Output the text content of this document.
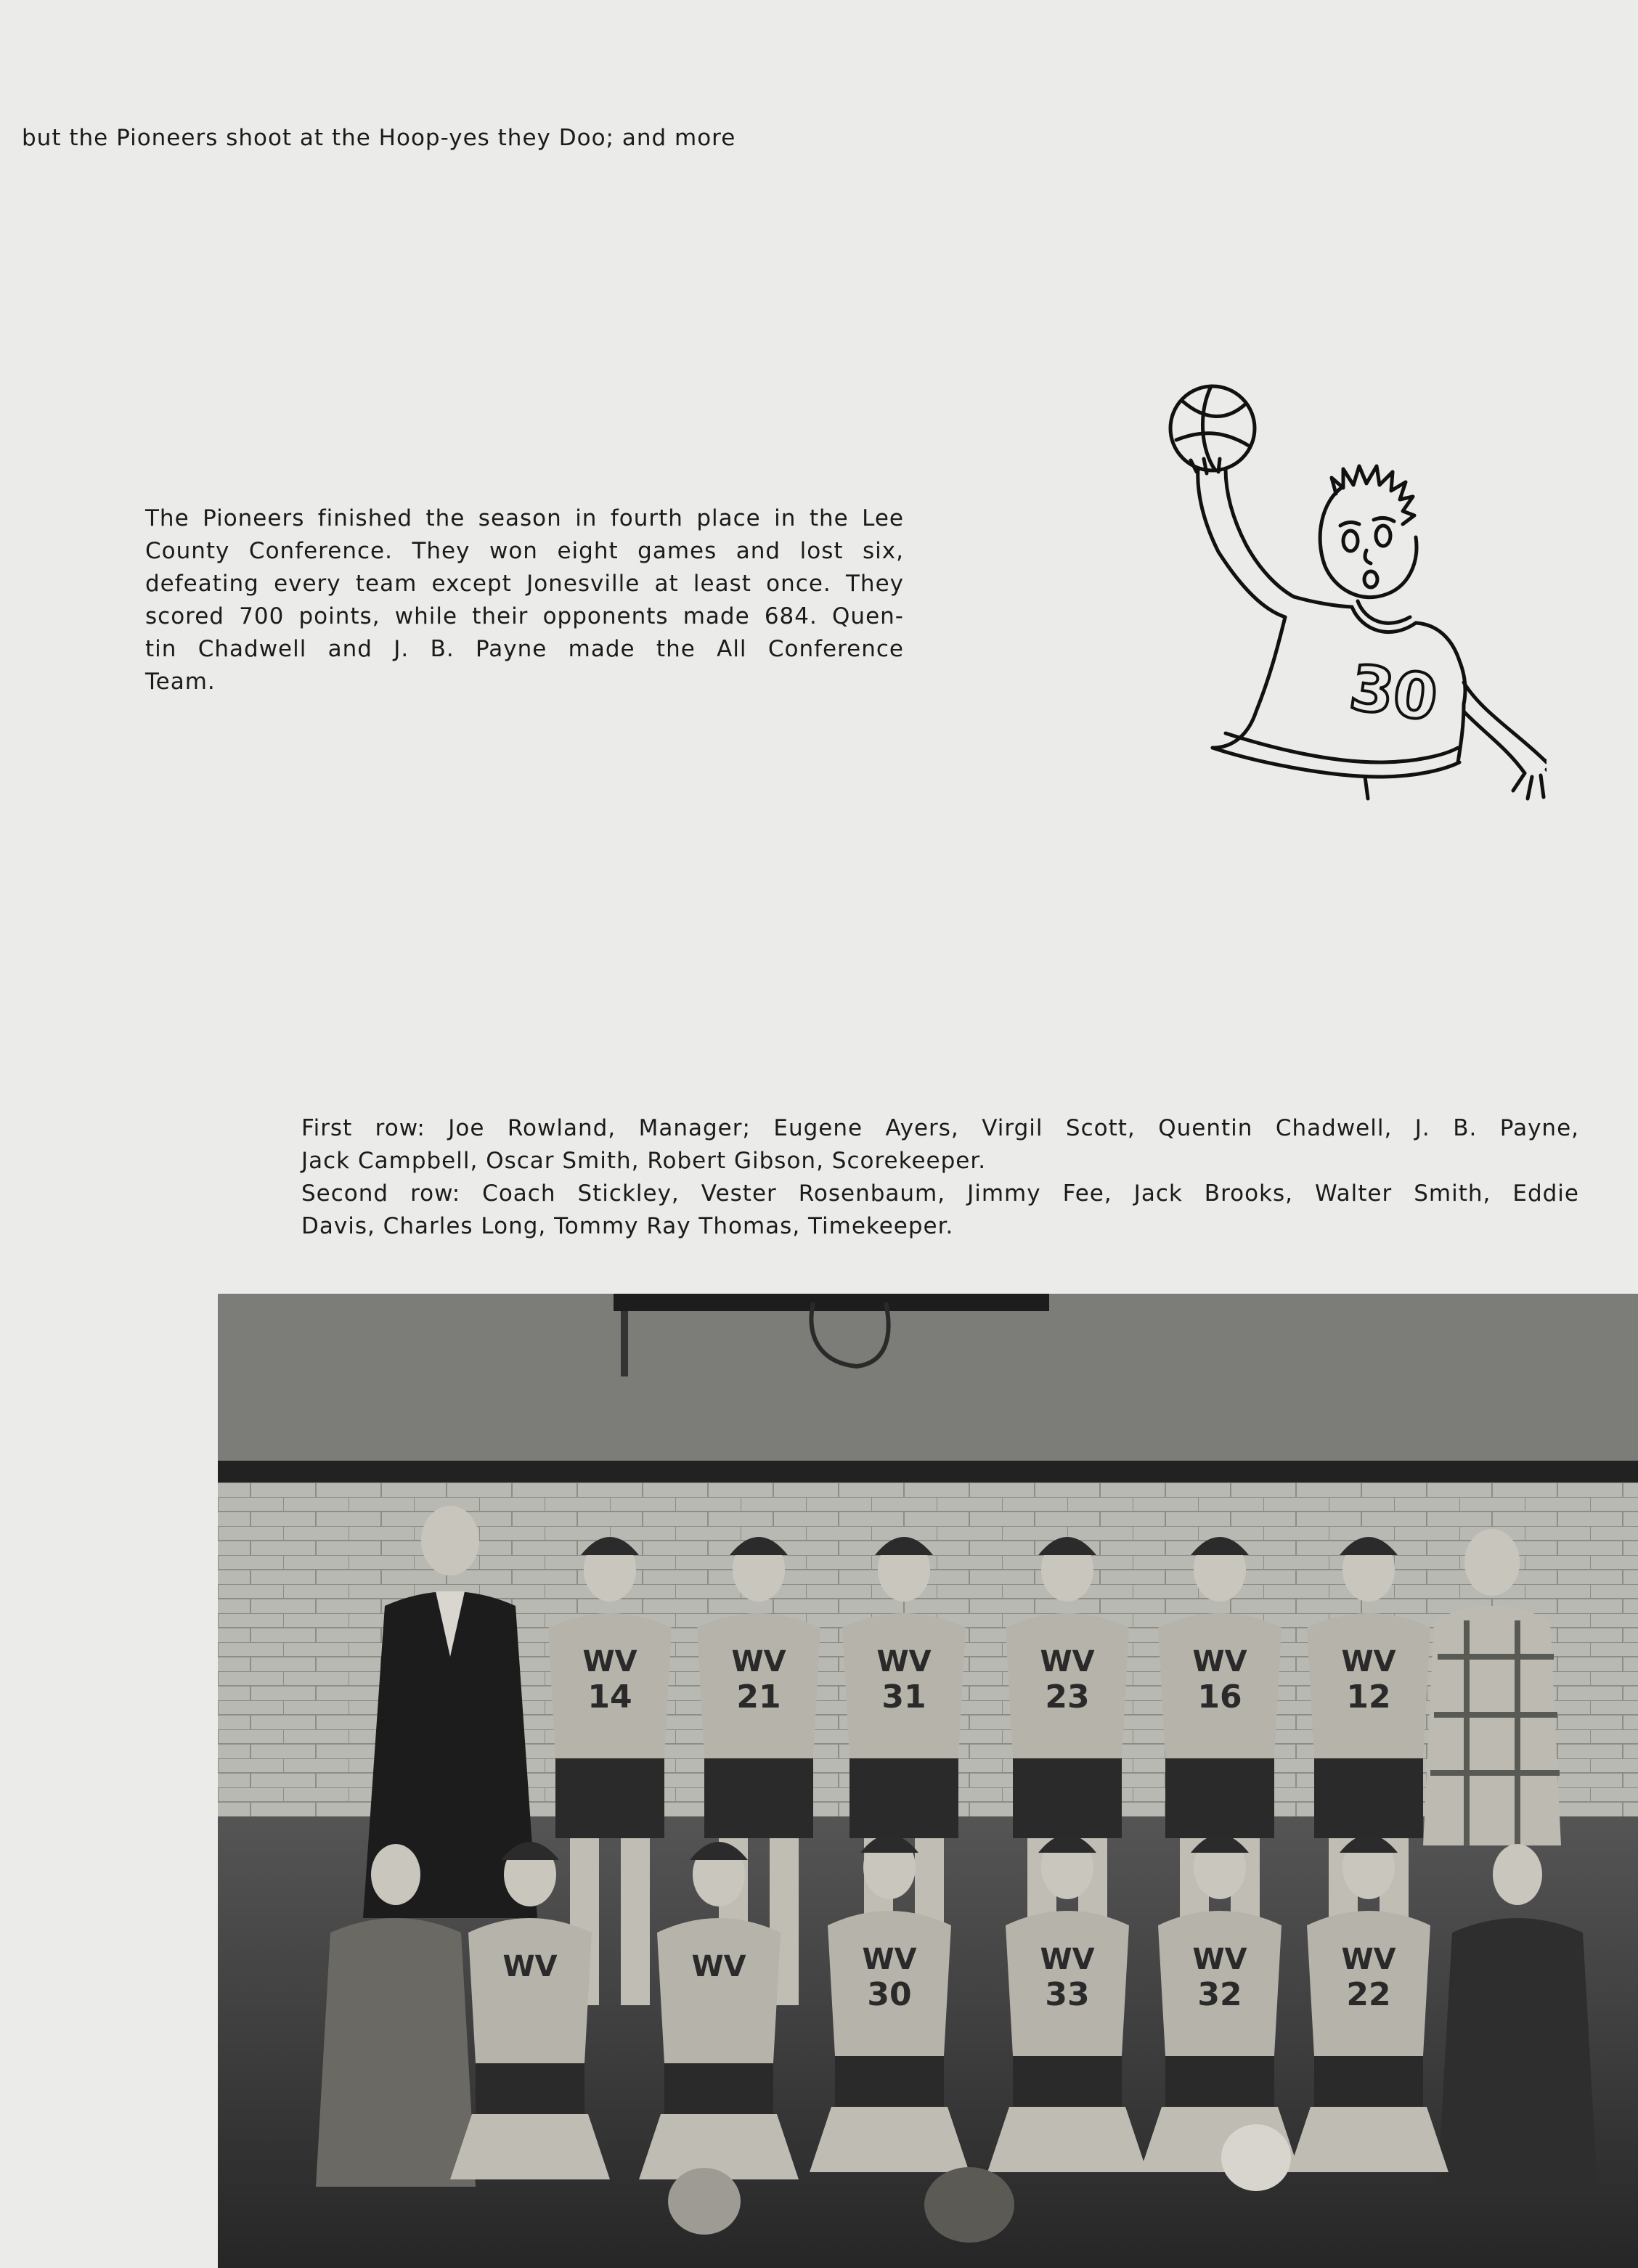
but the Pioneers shoot at the Hoop-yes they Doo; and more
The Pioneers finished the season in fourth place in the Lee
County Conference. They won eight games and lost six,
defeating every team except Jonesville at least once. They
scored 700 points, while their opponents made 684. Quen-
tin Chadwell and J. B. Payne made the All Conference
Team.	30
First row: Joe Rowland, Manager; Eugene Ayers, Virgil Scott, Quentin Chadwell, J. B. Payne,
Jack Campbell, Oscar Smith, Robert Gibson, Scorekeeper.
Second row: Coach Stickley, Vester Rosenbaum, Jimmy Fee, Jack Brooks, Walter Smith, Eddie
Davis, Charles Long, Tommy Ray Thomas, Timekeeper.
WV
14
WV
21
WV
31
WV
23
WV
16
WV
12
WV	WV	WV
30
WV
33
WV
32
WV
22
